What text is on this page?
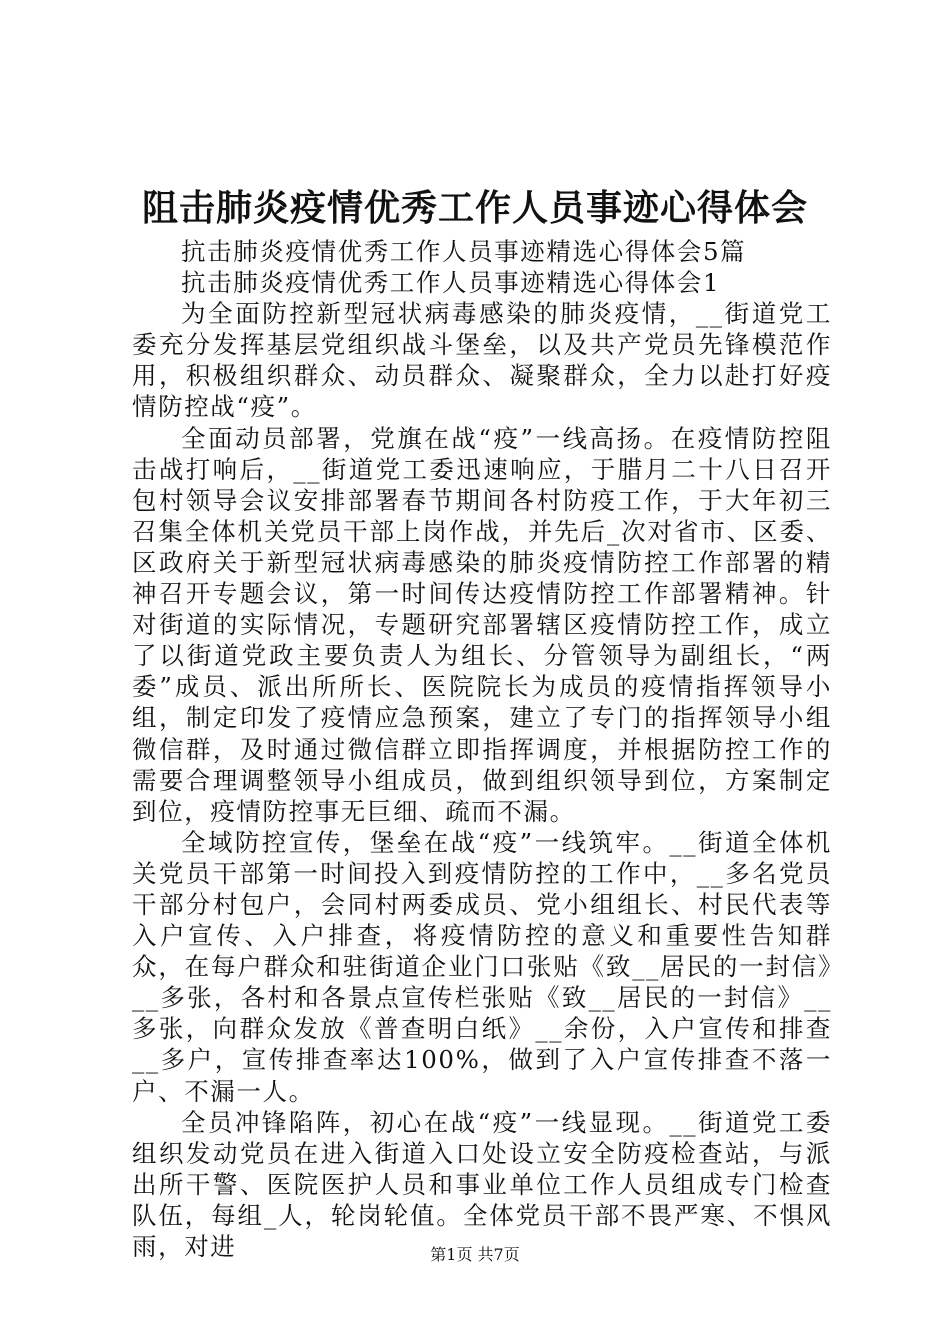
阻击肺炎疫情优秀工作人员事迹心得体会

抗击肺炎疫情优秀工作人员事迹精选心得体会5篇

抗击肺炎疫情优秀工作人员事迹精选心得体会1

为全面防控新型冠状病毒感染的肺炎疫情，__街道党工委充分发挥基层党组织战斗堡垒，以及共产党员先锋模范作用，积极组织群众、动员群众、凝聚群众，全力以赴打好疫情防控战“疫”。

全面动员部署，党旗在战“疫”一线高扬。在疫情防控阻击战打响后，__街道党工委迅速响应，于腊月二十八日召开包村领导会议安排部署春节期间各村防疫工作，于大年初三召集全体机关党员干部上岗作战，并先后_次对省市、区委、区政府关于新型冠状病毒感染的肺炎疫情防控工作部署的精神召开专题会议，第一时间传达疫情防控工作部署精神。针对街道的实际情况，专题研究部署辖区疫情防控工作，成立了以街道党政主要负责人为组长、分管领导为副组长，“两委”成员、派出所所长、医院院长为成员的疫情指挥领导小组，制定印发了疫情应急预案，建立了专门的指挥领导小组微信群，及时通过微信群立即指挥调度，并根据防控工作的需要合理调整领导小组成员，做到组织领导到位，方案制定到位，疫情防控事无巨细、疏而不漏。

全域防控宣传，堡垒在战“疫”一线筑牢。__街道全体机关党员干部第一时间投入到疫情防控的工作中，__多名党员干部分村包户，会同村两委成员、党小组组长、村民代表等入户宣传、入户排查，将疫情防控的意义和重要性告知群众，在每户群众和驻街道企业门口张贴《致__居民的一封信》__多张，各村和各景点宣传栏张贴《致__居民的一封信》__多张，向群众发放《普查明白纸》__余份，入户宣传和排查__多户，宣传排查率达100%，做到了入户宣传排查不落一户、不漏一人。

全员冲锋陷阵，初心在战“疫”一线显现。__街道党工委组织发动党员在进入街道入口处设立安全防疫检查站，与派出所干警、医院医护人员和事业单位工作人员组成专门检查队伍，每组_人，轮岗轮值。全体党员干部不畏严寒、不惧风雨，对进	第1页 共7页
